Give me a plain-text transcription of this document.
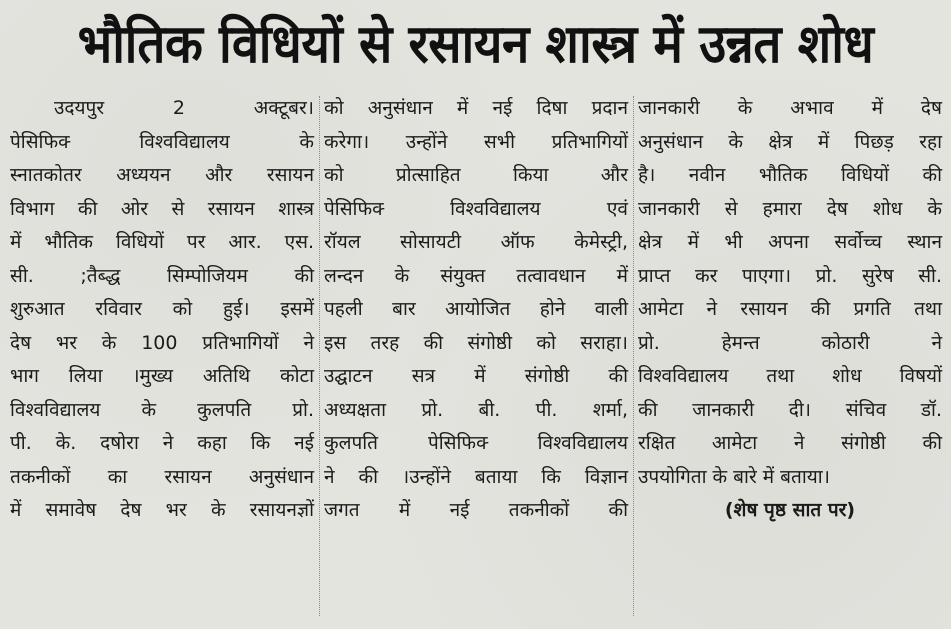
भौतिक विधियों से रसायन शास्त्र में उन्नत शोध
उदयपुर 2 अक्टूबर।
पेसिफिक्‍ विश्वविद्यालय के
स्नातकोतर अध्ययन और रसायन
विभाग की ओर से रसायन शास्त्र
में भौतिक विधियों पर आर. एस.
सी. ;तैब्द्ध सिम्पोजियम की
शुरुआत रविवार को हुई। इसमें
देष भर के 100 प्रतिभागियों ने
भाग लिया ।मुख्य अतिथि कोटा
विश्वविद्यालय के कुलपति प्रो.
पी. के. दषोरा ने कहा कि नई
तकनीकों का रसायन अनुसंधान
में समावेष देष भर के रसायनज्ञों
को अनुसंधान में नई दिषा प्रदान
करेगा। उन्होंने सभी प्रतिभागियों
को प्रोत्साहित किया और
पेसिफिक्‍ विश्वविद्यालय एवं
रॉयल सोसायटी ऑफ केमेस्ट्री,
लन्दन के संयुक्त तत्वावधान में
पहली बार आयोजित होने वाली
इस तरह की संगोष्ठी को सराहा।
उद्घाटन सत्र में संगोष्ठी की
अध्यक्षता प्रो. बी. पी. शर्मा,
कुलपति पेसिफिक्‍ विश्वविद्यालय
ने की ।उन्होंने बताया कि विज्ञान
जगत में नई तकनीकों की
जानकारी के अभाव में देष
अनुसंधान के क्षेत्र में पिछड़ रहा
है। नवीन भौतिक विधियों की
जानकारी से हमारा देष शोध के
क्षेत्र में भी अपना सर्वोच्च स्थान
प्राप्त कर पाएगा। प्रो. सुरेष सी.
आमेटा ने रसायन की प्रगति तथा
प्रो. हेमन्त कोठारी ने
विश्वविद्यालय तथा शोध विषयों
की जानकारी दी। संचिव डॉ.
रक्षित आमेटा ने संगोष्ठी की
उपयोगिता के बारे में बताया।
(शेष पृष्ठ सात पर)
